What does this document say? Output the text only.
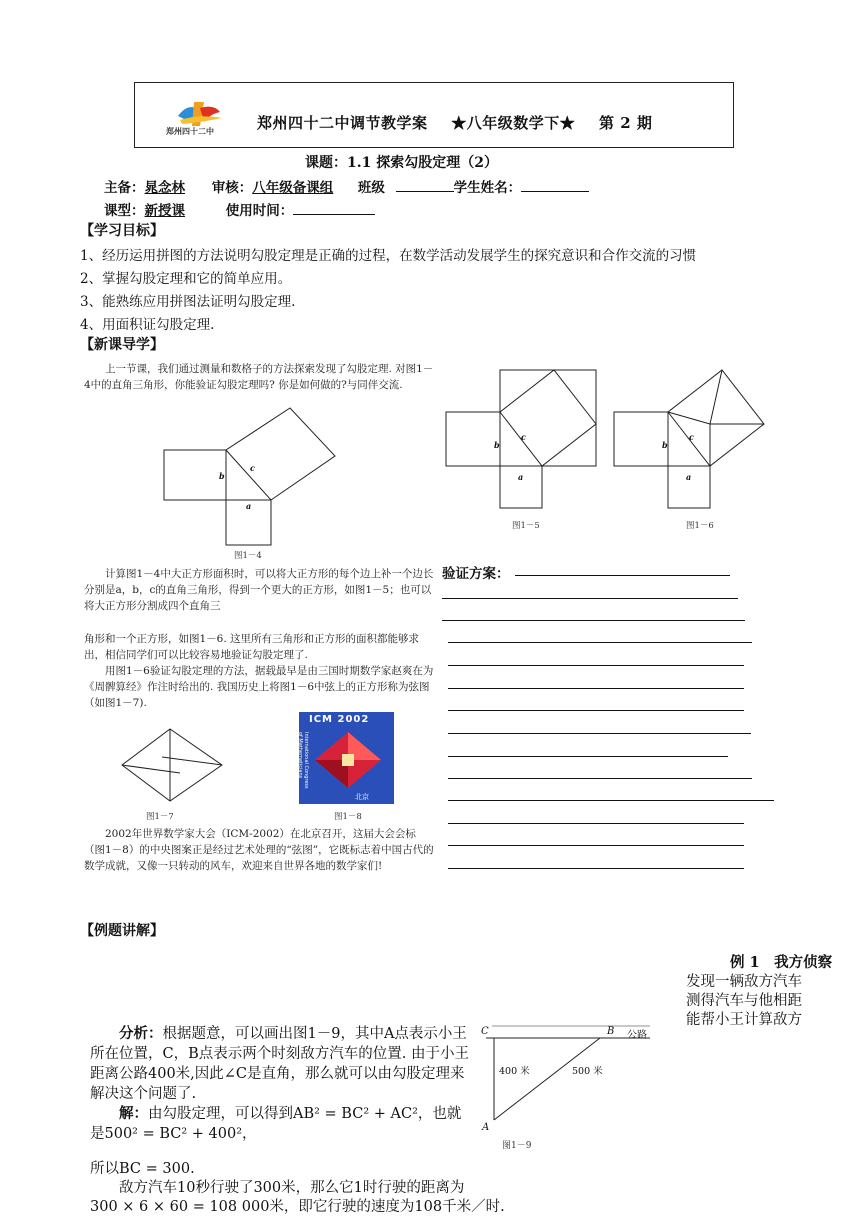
郑州四十二中	郑州四十二中调节教学案 ★八年级数学下★ 第 2 期
课题：1.1 探索勾股定理（2）
主备：晁念林 审核：八年级备课组 班级	学生姓名：
课型：新授课	使用时间：
【学习目标】
1、经历运用拼图的方法说明勾股定理是正确的过程，在数学活动发展学生的探究意识和合作交流的习惯
2、掌握勾股定理和它的简单应用。
3、能熟练应用拼图法证明勾股定理.
4、用面积证勾股定理.
【新课导学】
上一节课，我们通过测量和数格子的方法探索发现了勾股定理. 对图1－4中的直角三角形，你能验证勾股定理吗? 你是如何做的?与同伴交流.
b
c
a
图1－4
b
c
a
图1－5
b
c
a
图1－6
计算图1－4中大正方形面积时，可以将大正方形的每个边上补一个边长分别是a，b，c的直角三角形，得到一个更大的正方形，如图1－5；也可以将大正方形分割成四个直角三
角形和一个正方形，如图1－6. 这里所有三角形和正方形的面积都能够求出，相信同学们可以比较容易地验证勾股定理了.
用图1－6验证勾股定理的方法，据载最早是由三国时期数学家赵爽在为《周髀算经》作注时给出的. 我国历史上将图1－6中弦上的正方形称为弦图（如图1－7).
图1－7
ICM 2002
International Congress of Mathematicians
北京
图1－8
2002年世界数学家大会（ICM-2002）在北京召开，这届大会会标（图1－8）的中央图案正是经过艺术处理的“弦图”，它既标志着中国古代的数学成就，又像一只转动的风车，欢迎来自世界各地的数学家们!
验证方案：
【例题讲解】
例 1　我方侦察
发现一辆敌方汽车
测得汽车与他相距
能帮小王计算敌方
分析：根据题意，可以画出图1－9，其中A点表示小王所在位置，C，B点表示两个时刻敌方汽车的位置. 由于小王距离公路400米,因此∠C是直角，那么就可以由勾股定理来解决这个问题了.
解：由勾股定理，可以得到AB² = BC² + AC²，也就是500² = BC² + 400²，
所以BC = 300.
敌方汽车10秒行驶了300米，那么它1时行驶的距离为
300 × 6 × 60 = 108 000米，即它行驶的速度为108千米／时.
C	B 公路
400 米	500 米
A
图1－9
